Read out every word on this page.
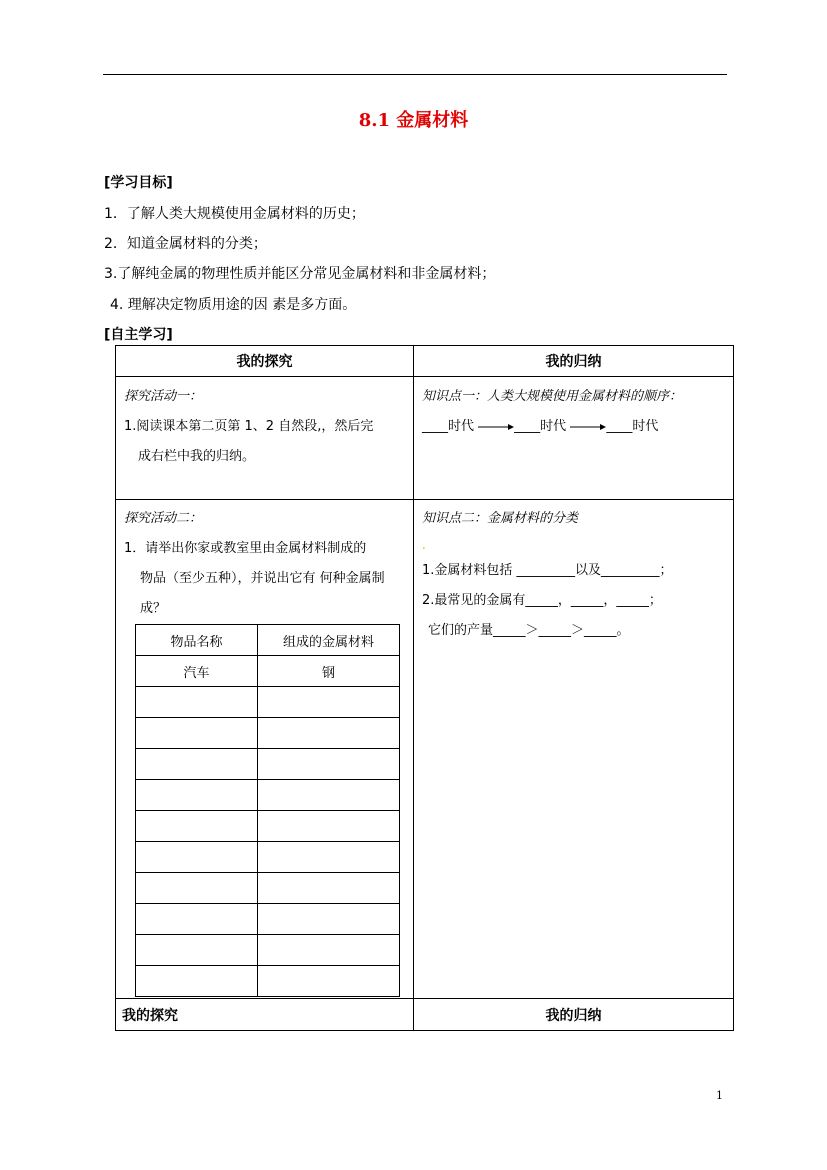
8.1 金属材料
[学习目标]
1．了解人类大规模使用金属材料的历史；
2．知道金属材料的分类；
3.了解纯金属的物理性质并能区分常见金属材料和非金属材料；
4. 理解决定物质用途的因 素是多方面。
[自主学习]
我的探究	我的归纳

探究活动一：
1.阅读课本第二页第 1、2 自然段,，然后完
成右栏中我的归纳。

知识点一：人类大规模使用金属材料的顺序：
____时代	____时代	____时代

探究活动二：
1．请举出你家或教室里由金属材料制成的
物品（至少五种），并说出它有 何种金属制
成？
物品名称	组成的金属材料
汽车	钢

知识点二：金属材料的分类
.
1.金属材料包括 _________以及_________；
2.最常见的金属有_____，_____，_____；
它们的产量_____＞_____＞_____。

我的探究	我的归纳
1
